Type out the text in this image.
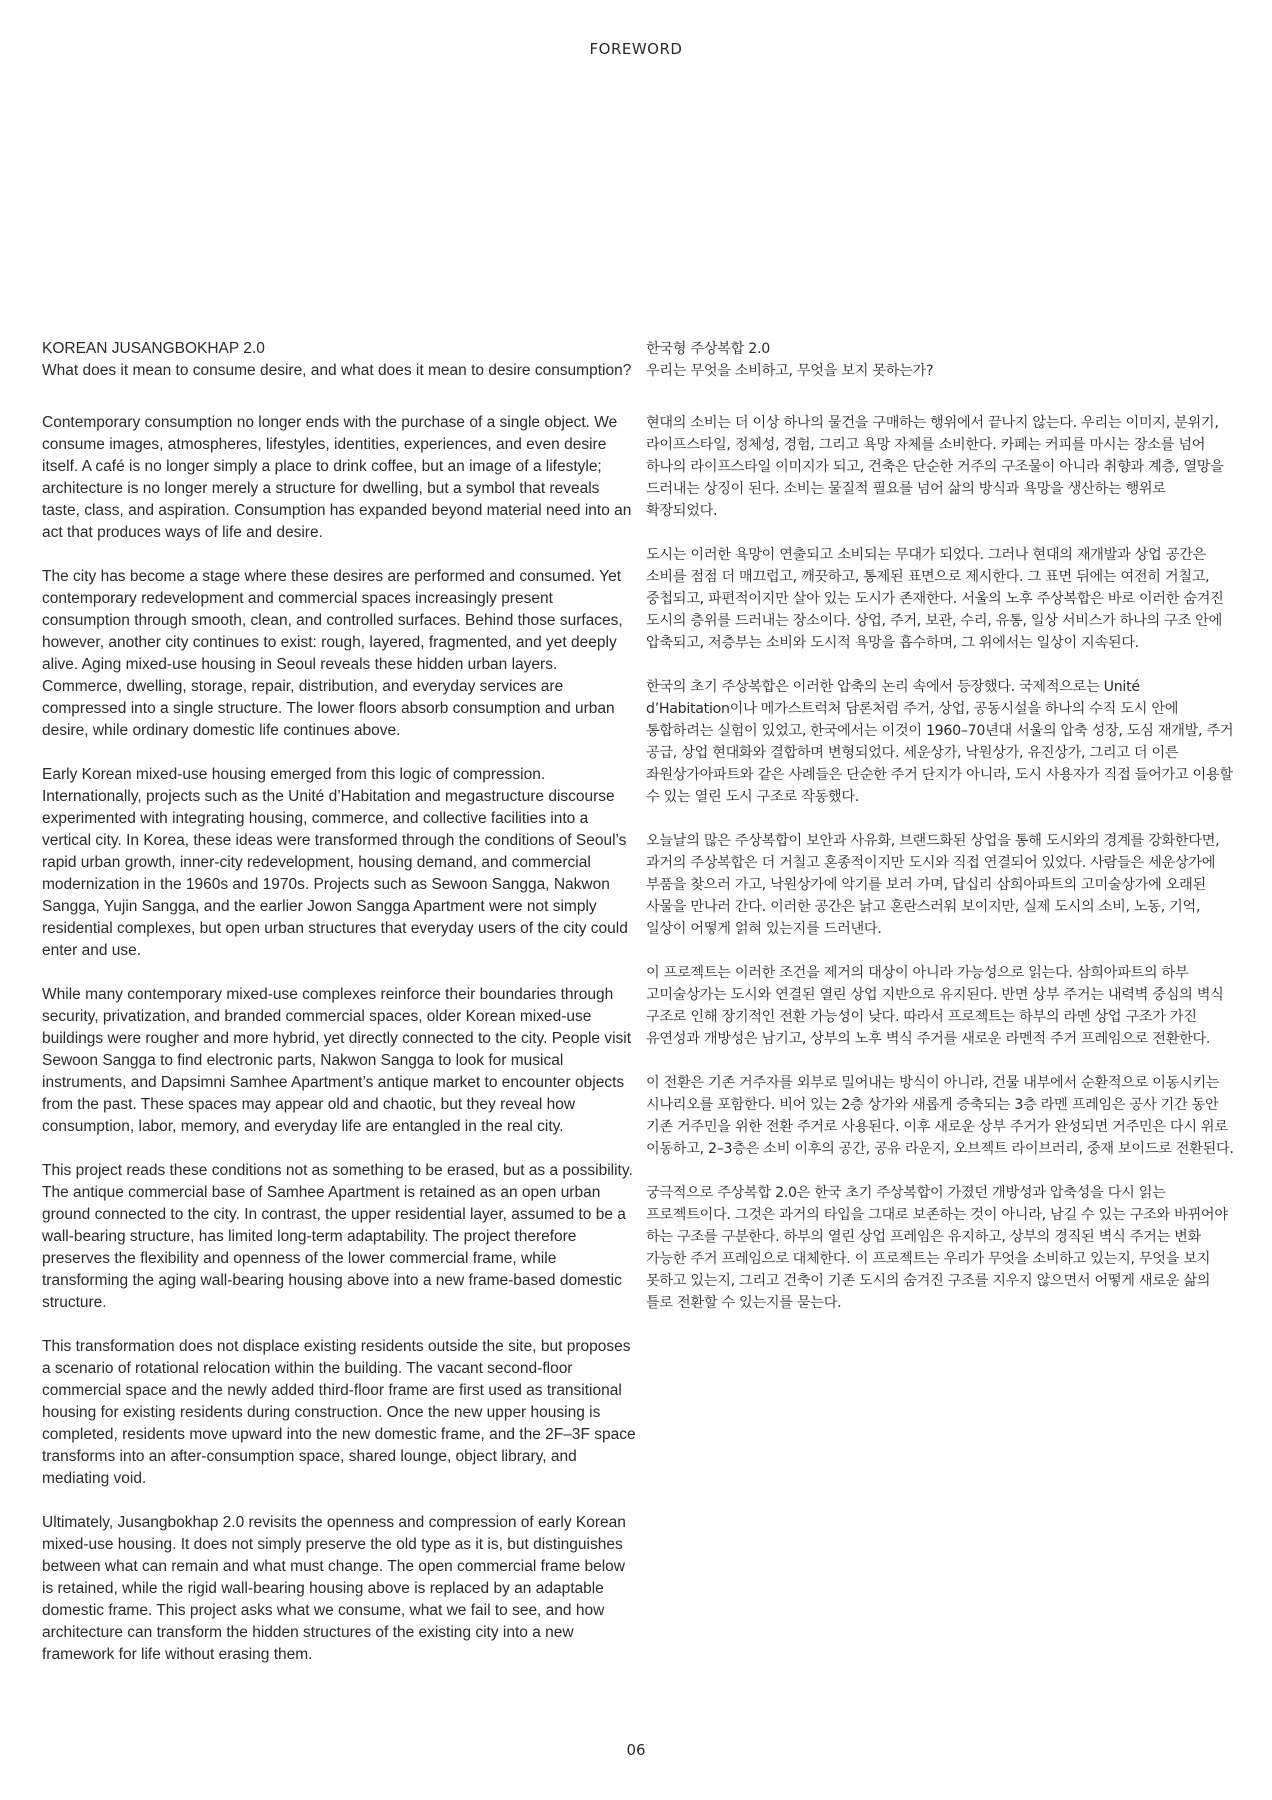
FOREWORD

KOREAN JUSANGBOKHAP 2.0

What does it mean to consume desire, and what does it mean to desire consumption?

Contemporary consumption no longer ends with the purchase of a single object. We consume images, atmospheres, lifestyles, identities, experiences, and even desire itself. A café is no longer simply a place to drink coffee, but an image of a lifestyle; architecture is no longer merely a structure for dwelling, but a symbol that reveals taste, class, and aspiration. Consumption has expanded beyond material need into an act that produces ways of life and desire.

The city has become a stage where these desires are performed and consumed. Yet contemporary redevelopment and commercial spaces increasingly present consumption through smooth, clean, and controlled surfaces. Behind those surfaces, however, another city continues to exist: rough, layered, fragmented, and yet deeply alive. Aging mixed-use housing in Seoul reveals these hidden urban layers. Commerce, dwelling, storage, repair, distribution, and everyday services are compressed into a single structure. The lower floors absorb consumption and urban desire, while ordinary domestic life continues above.

Early Korean mixed-use housing emerged from this logic of compression. Internationally, projects such as the Unité d’Habitation and megastructure discourse experimented with integrating housing, commerce, and collective facilities into a vertical city. In Korea, these ideas were transformed through the conditions of Seoul’s rapid urban growth, inner-city redevelopment, housing demand, and commercial modernization in the 1960s and 1970s. Projects such as Sewoon Sangga, Nakwon Sangga, Yujin Sangga, and the earlier Jowon Sangga Apartment were not simply residential complexes, but open urban structures that everyday users of the city could enter and use.

While many contemporary mixed-use complexes reinforce their boundaries through security, privatization, and branded commercial spaces, older Korean mixed-use buildings were rougher and more hybrid, yet directly connected to the city. People visit Sewoon Sangga to find electronic parts, Nakwon Sangga to look for musical instruments, and Dapsimni Samhee Apartment’s antique market to encounter objects from the past. These spaces may appear old and chaotic, but they reveal how consumption, labor, memory, and everyday life are entangled in the real city.

This project reads these conditions not as something to be erased, but as a possibility. The antique commercial base of Samhee Apartment is retained as an open urban ground connected to the city. In contrast, the upper residential layer, assumed to be a wall-bearing structure, has limited long-term adaptability. The project therefore preserves the flexibility and openness of the lower commercial frame, while transforming the aging wall-bearing housing above into a new frame-based domestic structure.

This transformation does not displace existing residents outside the site, but proposes a scenario of rotational relocation within the building. The vacant second-floor commercial space and the newly added third-floor frame are first used as transitional housing for existing residents during construction. Once the new upper housing is completed, residents move upward into the new domestic frame, and the 2F–3F space transforms into an after-consumption space, shared lounge, object library, and mediating void.

Ultimately, Jusangbokhap 2.0 revisits the openness and compression of early Korean mixed-use housing. It does not simply preserve the old type as it is, but distinguishes between what can remain and what must change. The open commercial frame below is retained, while the rigid wall-bearing housing above is replaced by an adaptable domestic frame. This project asks what we consume, what we fail to see, and how architecture can transform the hidden structures of the existing city into a new framework for life without erasing them.

한국형 주상복합 2.0

우리는 무엇을 소비하고, 무엇을 보지 못하는가?

현대의 소비는 더 이상 하나의 물건을 구매하는 행위에서 끝나지 않는다. 우리는 이미지, 분위기, 라이프스타일, 정체성, 경험, 그리고 욕망 자체를 소비한다. 카페는 커피를 마시는 장소를 넘어 하나의 라이프스타일 이미지가 되고, 건축은 단순한 거주의 구조물이 아니라 취향과 계층, 열망을 드러내는 상징이 된다. 소비는 물질적 필요를 넘어 삶의 방식과 욕망을 생산하는 행위로 확장되었다.

도시는 이러한 욕망이 연출되고 소비되는 무대가 되었다. 그러나 현대의 재개발과 상업 공간은 소비를 점점 더 매끄럽고, 깨끗하고, 통제된 표면으로 제시한다. 그 표면 뒤에는 여전히 거칠고, 중첩되고, 파편적이지만 살아 있는 도시가 존재한다. 서울의 노후 주상복합은 바로 이러한 숨겨진 도시의 층위를 드러내는 장소이다. 상업, 주거, 보관, 수리, 유통, 일상 서비스가 하나의 구조 안에 압축되고, 저층부는 소비와 도시적 욕망을 흡수하며, 그 위에서는 일상이 지속된다.

한국의 초기 주상복합은 이러한 압축의 논리 속에서 등장했다. 국제적으로는 Unité d’Habitation이나 메가스트럭처 담론처럼 주거, 상업, 공동시설을 하나의 수직 도시 안에 통합하려는 실험이 있었고, 한국에서는 이것이 1960–70년대 서울의 압축 성장, 도심 재개발, 주거 공급, 상업 현대화와 결합하며 변형되었다. 세운상가, 낙원상가, 유진상가, 그리고 더 이른 좌원상가아파트와 같은 사례들은 단순한 주거 단지가 아니라, 도시 사용자가 직접 들어가고 이용할 수 있는 열린 도시 구조로 작동했다.

오늘날의 많은 주상복합이 보안과 사유화, 브랜드화된 상업을 통해 도시와의 경계를 강화한다면, 과거의 주상복합은 더 거칠고 혼종적이지만 도시와 직접 연결되어 있었다. 사람들은 세운상가에 부품을 찾으러 가고, 낙원상가에 악기를 보러 가며, 답십리 삼희아파트의 고미술상가에 오래된 사물을 만나러 간다. 이러한 공간은 낡고 혼란스러워 보이지만, 실제 도시의 소비, 노동, 기억, 일상이 어떻게 얽혀 있는지를 드러낸다.

이 프로젝트는 이러한 조건을 제거의 대상이 아니라 가능성으로 읽는다. 삼희아파트의 하부 고미술상가는 도시와 연결된 열린 상업 지반으로 유지된다. 반면 상부 주거는 내력벽 중심의 벽식 구조로 인해 장기적인 전환 가능성이 낮다. 따라서 프로젝트는 하부의 라멘 상업 구조가 가진 유연성과 개방성은 남기고, 상부의 노후 벽식 주거를 새로운 라멘적 주거 프레임으로 전환한다.

이 전환은 기존 거주자를 외부로 밀어내는 방식이 아니라, 건물 내부에서 순환적으로 이동시키는 시나리오를 포함한다. 비어 있는 2층 상가와 새롭게 증축되는 3층 라멘 프레임은 공사 기간 동안 기존 거주민을 위한 전환 주거로 사용된다. 이후 새로운 상부 주거가 완성되면 거주민은 다시 위로 이동하고, 2–3층은 소비 이후의 공간, 공유 라운지, 오브젝트 라이브러리, 중재 보이드로 전환된다.

궁극적으로 주상복합 2.0은 한국 초기 주상복합이 가졌던 개방성과 압축성을 다시 읽는 프로젝트이다. 그것은 과거의 타입을 그대로 보존하는 것이 아니라, 남길 수 있는 구조와 바뀌어야 하는 구조를 구분한다. 하부의 열린 상업 프레임은 유지하고, 상부의 경직된 벽식 주거는 변화 가능한 주거 프레임으로 대체한다. 이 프로젝트는 우리가 무엇을 소비하고 있는지, 무엇을 보지 못하고 있는지, 그리고 건축이 기존 도시의 숨겨진 구조를 지우지 않으면서 어떻게 새로운 삶의 틀로 전환할 수 있는지를 묻는다.

06
